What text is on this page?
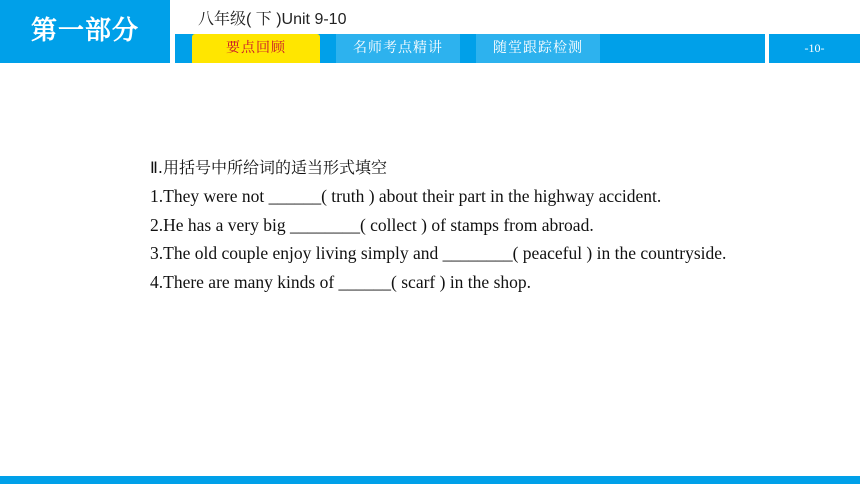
第一部分	八年级( 下 )Unit 9-10
要点回顾	名师考点精讲	随堂跟踪检测	-10-
Ⅱ.用括号中所给词的适当形式填空
1.They were not ______( truth ) about their part in the highway accident.
2.He has a very big ________( collect ) of stamps from abroad.
3.The old couple enjoy living simply and ________( peaceful ) in the countryside.
4.There are many kinds of ______( scarf ) in the shop.
